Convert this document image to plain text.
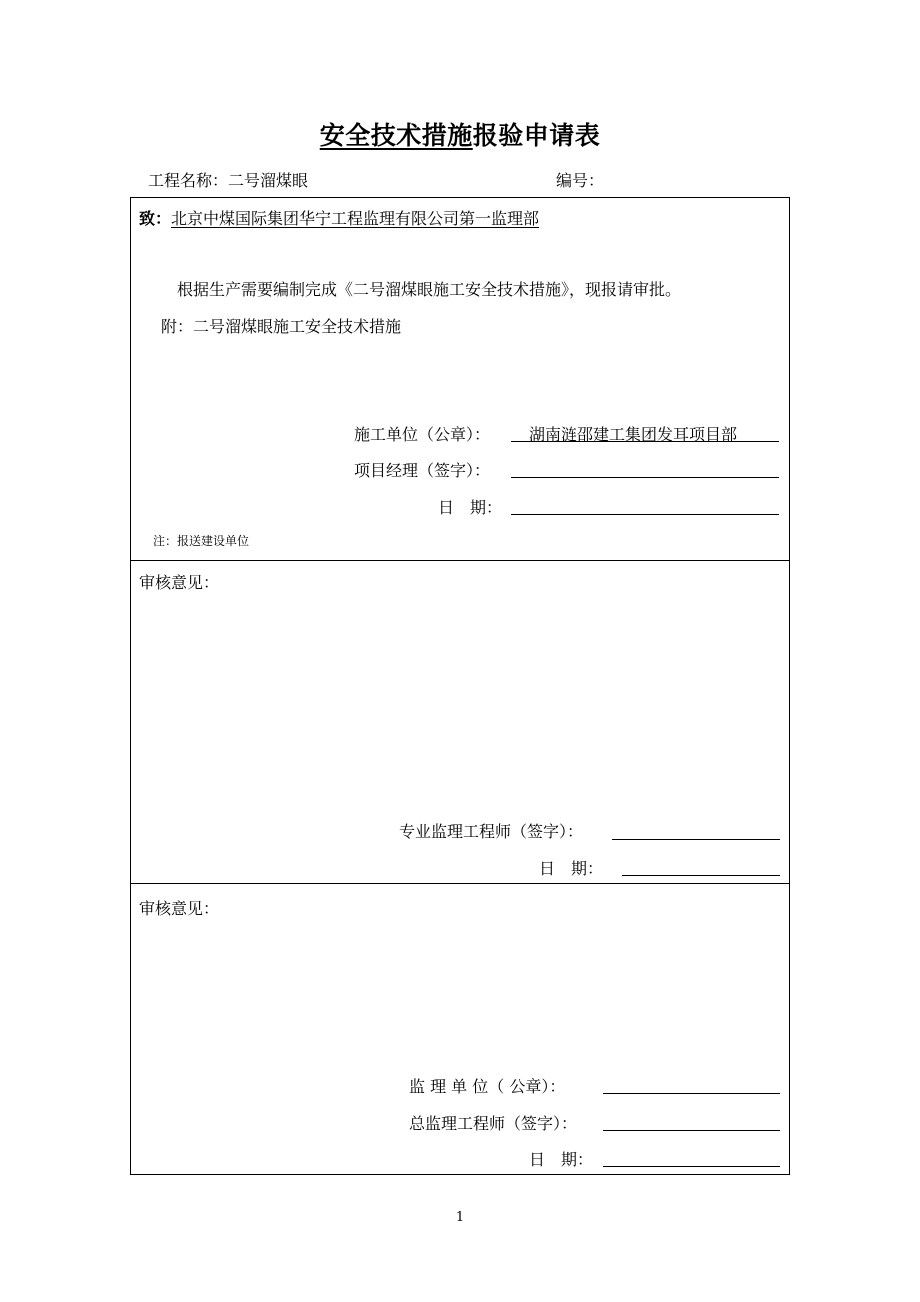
安全技术措施报验申请表
工程名称：二号溜煤眼	编号：
致：北京中煤国际集团华宁工程监理有限公司第一监理部
根据生产需要编制完成《二号溜煤眼施工安全技术措施》，现报请审批。
附：二号溜煤眼施工安全技术措施
施工单位（公章）： 湖南涟邵建工集团发耳项目部
项目经理（签字）：
日　期：
注：报送建设单位
审核意见：
专业监理工程师（签字）：
日　期：
审核意见：
监 理 单 位（ 公章）：
总监理工程师（签字）：
日　期：
1
